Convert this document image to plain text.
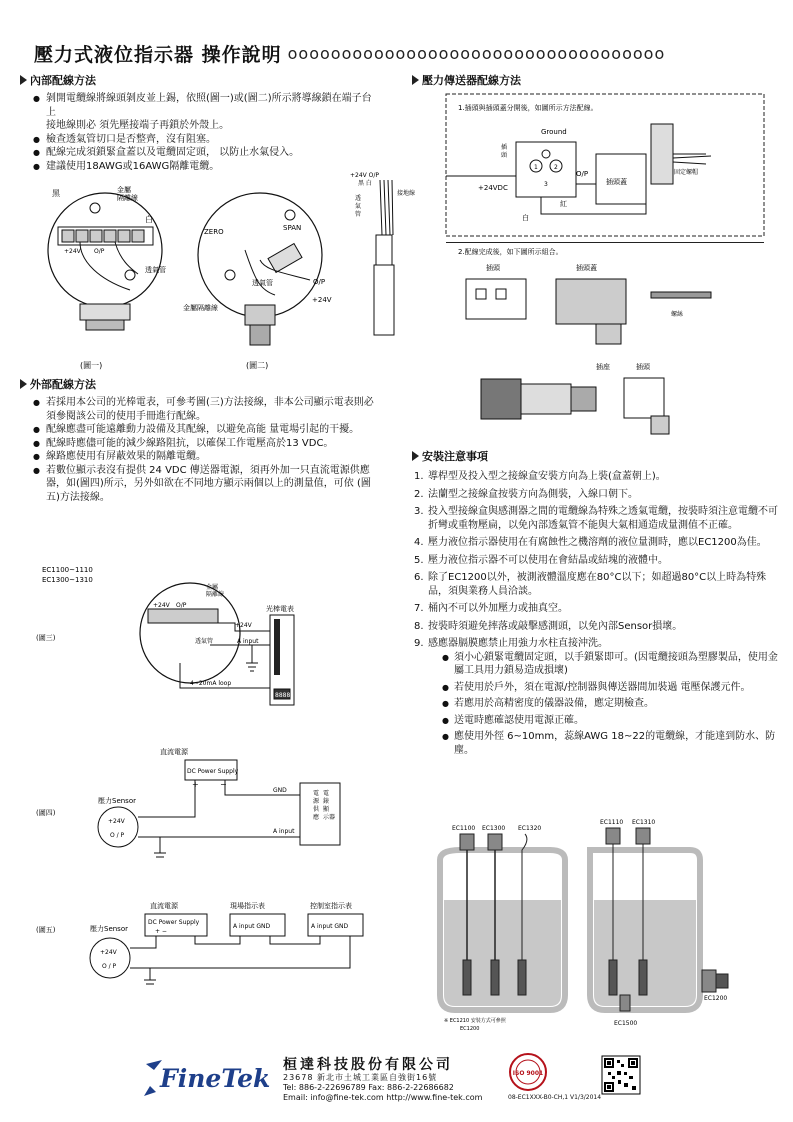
壓力式液位指示器 操作說明 ooooooooooooooooooooooooooooooooooo
內部配線方法
● 剝開電纜線將線頭剝皮並上錫，依照(圖一)或(圖二)所示將導線鎖在端子台上
接地線則必 須先壓接端子再鎖於外殼上。
● 檢查透氣管切口是否整齊，沒有阻塞。
● 配線完成須鎖緊盒蓋以及電纜固定頭， 以防止水氣侵入。
● 建議使用18AWG或16AWG隔離電纜。
黑	金屬
隔離線
白
+24V O/P
透氣管
(圖一)
ZERO	SPAN
O/P
透氣管
+24V
金屬隔離線
(圖二)
+24V O/P
黑 白
透
氣
管
接地線
外部配線方法
● 若採用本公司的光棒電表，可參考圖(三)方法接線，非本公司顯示電表則必須參閱該公司的使用手冊進行配線。
● 配線應盡可能遠離動力設備及其配線，以避免高能 量電場引起的干擾。
● 配線時應儘可能的減少線路阻抗，以確保工作電壓高於13 VDC。
● 線路應使用有屏蔽效果的隔離電纜。
● 若數位顯示表沒有提供 24 VDC 傳送器電源，須再外加一只直流電源供應器，如(圖四)所示，另外如欲在不同地方顯示兩個以上的測量值，可依 (圖五)方法接線。
EC1100~1110
EC1300~1310
(圖三)
金屬
隔離線
+24V O/P
透氣管
8888
光棒電表
+24V
A input
4~20mA loop
直流電源
DC Power Supply
壓力Sensor
+24V
O / P
+	−
GND
A input
電
源
供
應
電
錶
顯
示器
(圖四)
(圖五)
直流電源	現場指示表	控制室指示表
DC Power Supply
+ −
A input GND	A input GND
壓力Sensor
+24V
O / P
壓力傳送器配線方法
1.插頭與插頭蓋分開後，如圖所示方法配線。
Ground
1	2
3
插
頭
+24VDC
白
紅
O/P
插頭蓋
固定螺帽
2.配線完成後，如下圖所示組合。
插頭	插頭蓋
螺絲
插座	插頭
安裝注意事項
1. 導桿型及投入型之接線盒安裝方向為上裝(盒蓋朝上)。
2. 法蘭型之接線盒按裝方向為側裝，入線口朝下。
3. 投入型接線盒與感測器之間的電纜線為特殊之透氣電纜，按裝時須注意電纜不可折彎或重物壓扁，以免內部透氣管不能與大氣相通造成量測值不正確。
4. 壓力液位指示器使用在有腐蝕性之機溶劑的液位量測時，應以EC1200為佳。
5. 壓力液位指示器不可以使用在會結晶或結塊的液體中。
6. 除了EC1200以外，被測液體溫度應在80°C以下；如超過80°C以上時為特殊品，須與業務人員洽談。
7. 桶內不可以外加壓力或抽真空。
8. 按裝時須避免摔落或敲擊感測頭，以免內部Sensor損壞。
9. 感應器膈膜應禁止用強力水柱直接沖洗。
● 須小心鎖緊電纜固定頭，以手鎖緊即可。(因電纜接頭為塑膠製品，使用金屬工具用力鎖易造成損壞)
● 若使用於戶外，須在電源/控制器與傳送器間加裝過 電壓保護元件。
● 若應用於高精密度的儀器設備，應定期檢查。
● 送電時應確認使用電源正確。
● 應使用外徑 6~10mm，蕊線AWG 18~22的電纜線，才能達到防水、防塵。
EC1100 EC1300 EC1320
EC1110 EC1310
EC1200
EC1500
※ EC1210 安裝方式可參照
EC1200
FineTek 桓達科技股份有限公司
23678 新北市土城工業區自強街16號
Tel: 886-2-22696789 Fax: 886-2-22686682
Email: info@fine-tek.com http://www.fine-tek.com
ISO 9001
08-EC1XXX-B0-CH,1 V1/3/2014
